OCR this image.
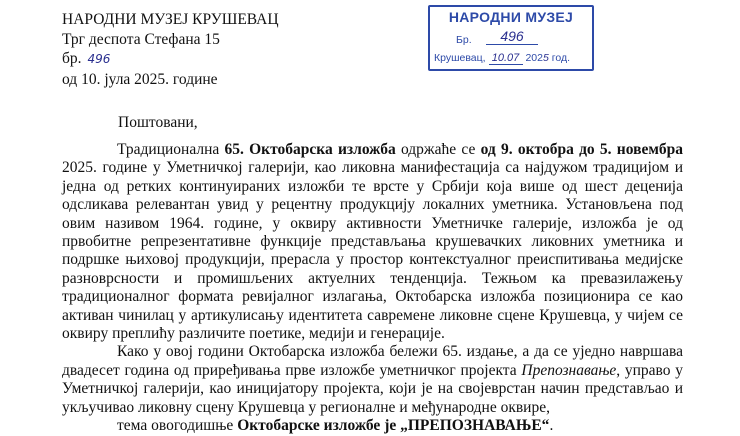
НАРОДНИ МУЗЕЈ КРУШЕВАЦ
Трг деспота Стефана 15
бр. 496
од 10. јула 2025. године
НАРОДНИ МУЗЕЈ
Бр.	496
Крушевац, 10.07 2025 год.
Поштовани,

Традиционална 65. Октобарска изложба одржаће се од 9. октобра до 5. новембра 2025. године у Уметничкој галерији, као ликовна манифестација са најдужом традицијом и једна од ретких континуираних изложби те врсте у Србији која више од шест деценија одсликава релевантан увид у рецентну продукцију локалних уметника. Установљена под овим називом 1964. године, у оквиру активности Уметничке галерије, изложба је од првобитне репрезентативне функције представљања крушевачких ликовних уметника и подршке њиховој продукцији, прерасла у простор контекстуалног преиспитивања медијске разноврсности и промишљених актуелних тенденција. Тежњом ка превазилажењу традиционалног формата ревијалног излагања, Октобарска изложба позиционира се као активан чинилац у артикулисању идентитета савремене ликовне сцене Крушевца, у чијем се оквиру преплићу различите поетике, медији и генерације.

Како у овој години Октобарска изложба бележи 65. издање, а да се уједно навршава двадесет година од приређивања прве изложбе уметничког пројекта Препознавање, управо у Уметничкој галерији, као иницијатору пројекта, који је на својеврстан начин представљао и укључивао ликовну сцену Крушевца у регионалне и међународне оквире,

тема овогодишње Октобарске изложбе је „ПРЕПОЗНАВАЊЕ“.
